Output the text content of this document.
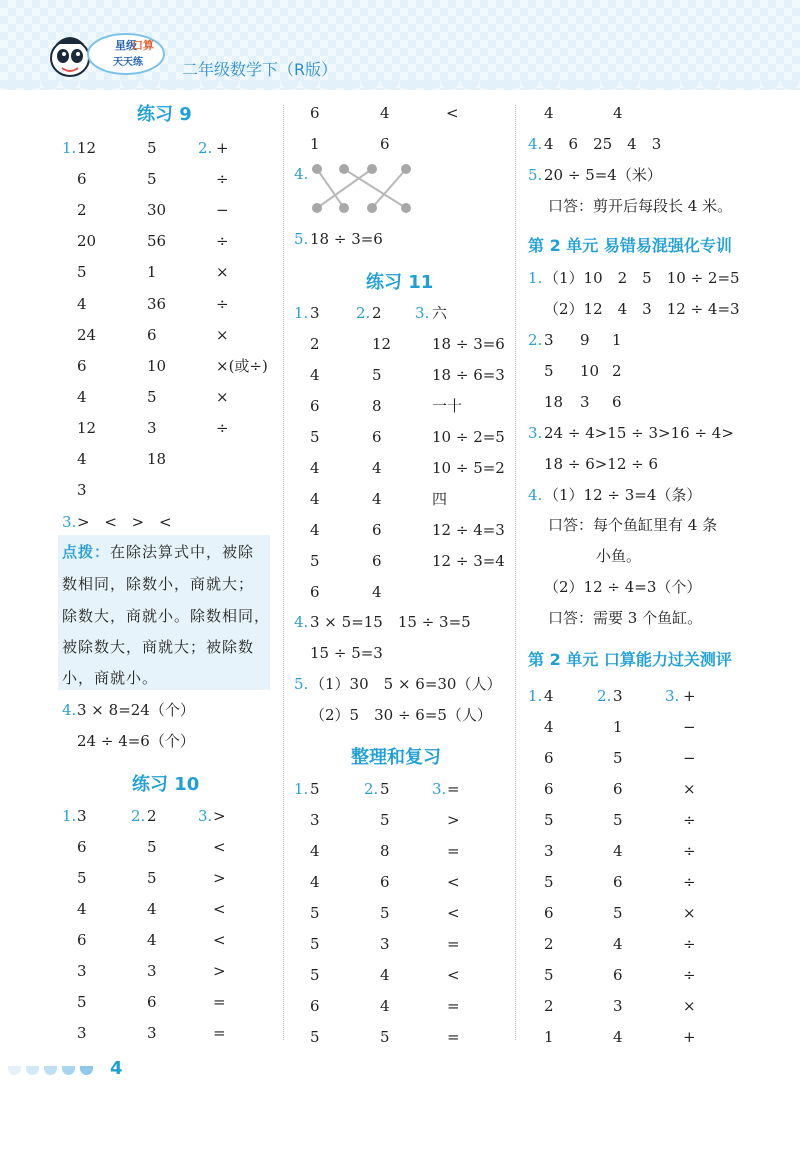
星级
口算
天天练 二年级数学下（R版）
练习 9
1. 12	5	2. +
6	5	÷
2	30	−
20	56	÷
5	1	×
4	36	÷
24	6	×
6	10	×(或÷)
4	5	×
12	3	÷
4	18
3
3. > < > <
点拨：在除法算式中，被除
数相同，除数小，商就大；
除数大，商就小。除数相同，
被除数大，商就大；被除数
小，商就小。
4. 3 × 8=24（个）
24 ÷ 4=6（个）
练习 10
1. 3	2. 2	3. >
6	5	<
5	5	>
4	4	<
6	4	<
3	3	>
5	6	=
3	3	=
6	4	<
1	6
4.
5. 18 ÷ 3=6
练习 11
1. 3 2. 2 3. 六
2	12	18 ÷ 3=6
4	5	18 ÷ 6=3
6	8	一十
5	6	10 ÷ 2=5
4	4	10 ÷ 5=2
4	4	四
4	6	12 ÷ 4=3
5	6	12 ÷ 3=4
6	4
4. 3 × 5=15　15 ÷ 3=5
15 ÷ 5=3
5. （1）30　5 × 6=30（人）
（2）5　30 ÷ 6=5（人）
整理和复习
1. 5	2. 5	3. =
3	5	>
4	8	=
4	6	<
5	5	<
5	3	=
5	4	<
6	4	=
5	5	=
4	4
4. 4　6　25　4　3
5. 20 ÷ 5=4（米）
口答：剪开后每段长 4 米。
第 2 单元 易错易混强化专训
1. （1）10　2　5　10 ÷ 2=5
（2）12　4　3　12 ÷ 4=3
2. 3 9 1
5 10 2
18 3 6
3. 24 ÷ 4>15 ÷ 3>16 ÷ 4>
18 ÷ 6>12 ÷ 6
4. （1）12 ÷ 3=4（条）
口答：每个鱼缸里有 4 条
小鱼。
（2）12 ÷ 4=3（个）
口答：需要 3 个鱼缸。
第 2 单元 口算能力过关测评
1. 4	2. 3	3. +
4	1	−
6	5	−
6	6	×
5	5	÷
3	4	÷
5	6	÷
6	5	×
2	4	÷
5	6	÷
2	3	×
1	4	+
4
